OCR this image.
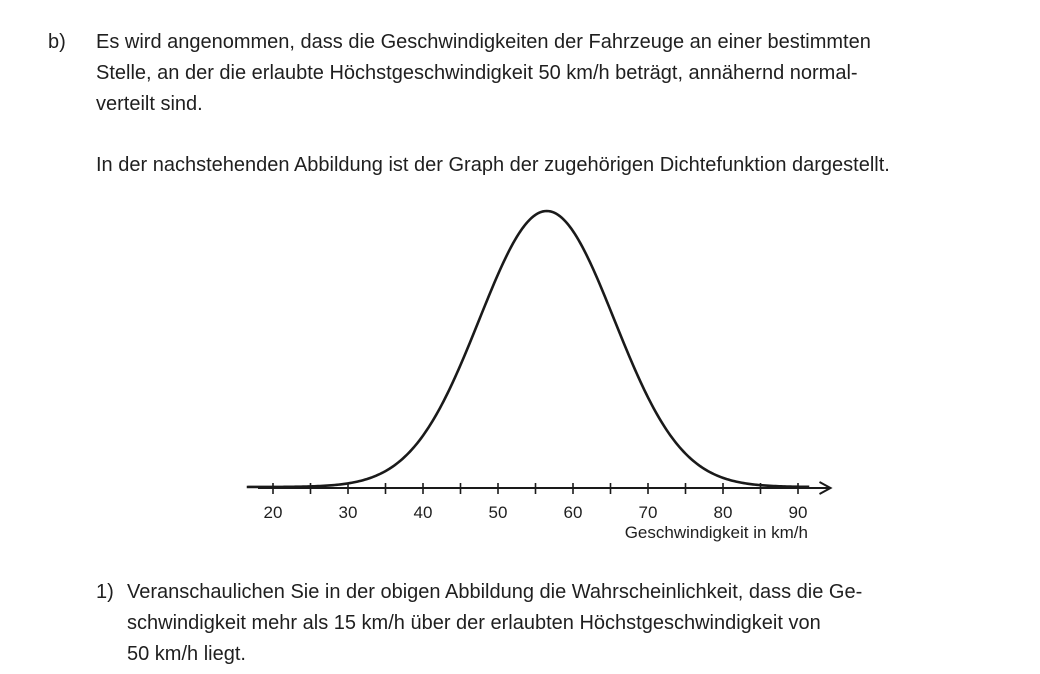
b) Es wird angenommen, dass die Geschwindigkeiten der Fahrzeuge an einer bestimmten
Stelle, an der die erlaubte Höchstgeschwindigkeit 50 km/h beträgt, annähernd normal-
verteilt sind.

In der nachstehenden Abbildung ist der Graph der zugehörigen Dichtefunktion dargestellt.

20	30	40	50	60	70	80	90
Geschwindigkeit in km/h
1) Veranschaulichen Sie in der obigen Abbildung die Wahrscheinlichkeit, dass die Ge-
schwindigkeit mehr als 15 km/h über der erlaubten Höchstgeschwindigkeit von
50 km/h liegt.
